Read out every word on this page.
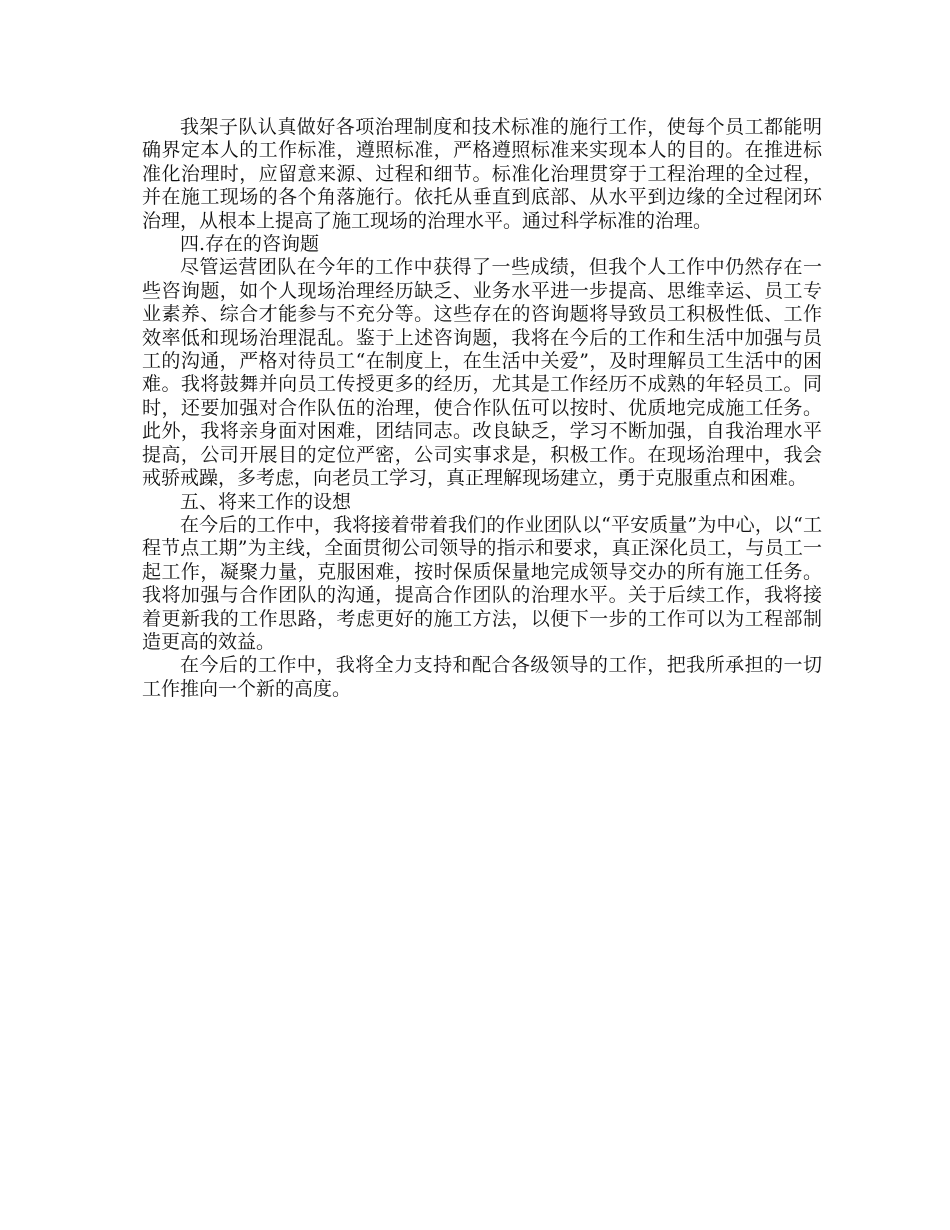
我架子队认真做好各项治理制度和技术标准的施行工作，使每个员工都能明确界定本人的工作标准，遵照标准，严格遵照标准来实现本人的目的。在推进标准化治理时，应留意来源、过程和细节。标准化治理贯穿于工程治理的全过程，并在施工现场的各个角落施行。依托从垂直到底部、从水平到边缘的全过程闭环治理，从根本上提高了施工现场的治理水平。通过科学标准的治理。

四.存在的咨询题

尽管运营团队在今年的工作中获得了一些成绩，但我个人工作中仍然存在一些咨询题，如个人现场治理经历缺乏、业务水平进一步提高、思维幸运、员工专业素养、综合才能参与不充分等。这些存在的咨询题将导致员工积极性低、工作效率低和现场治理混乱。鉴于上述咨询题，我将在今后的工作和生活中加强与员工的沟通，严格对待员工“在制度上，在生活中关爱”，及时理解员工生活中的困难。我将鼓舞并向员工传授更多的经历，尤其是工作经历不成熟的年轻员工。同时，还要加强对合作队伍的治理，使合作队伍可以按时、优质地完成施工任务。此外，我将亲身面对困难，团结同志。改良缺乏，学习不断加强，自我治理水平提高，公司开展目的定位严密，公司实事求是，积极工作。在现场治理中，我会戒骄戒躁，多考虑，向老员工学习，真正理解现场建立，勇于克服重点和困难。

五、将来工作的设想

在今后的工作中，我将接着带着我们的作业团队以“平安质量”为中心，以“工程节点工期”为主线，全面贯彻公司领导的指示和要求，真正深化员工，与员工一起工作，凝聚力量，克服困难，按时保质保量地完成领导交办的所有施工任务。我将加强与合作团队的沟通，提高合作团队的治理水平。关于后续工作，我将接着更新我的工作思路，考虑更好的施工方法，以便下一步的工作可以为工程部制造更高的效益。

在今后的工作中，我将全力支持和配合各级领导的工作，把我所承担的一切工作推向一个新的高度。
